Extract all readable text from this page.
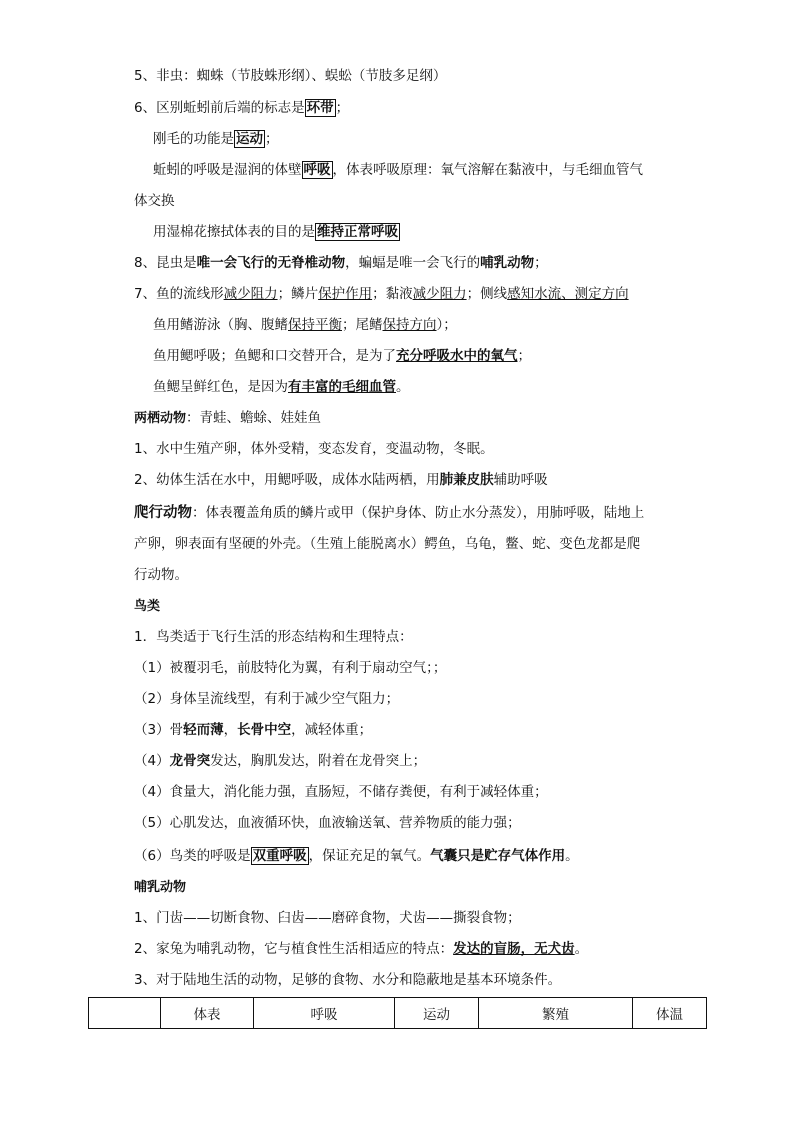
5、非虫：蜘蛛（节肢蛛形纲）、蜈蚣（节肢多足纲）
6、区别蚯蚓前后端的标志是 环带 ；
刚毛的功能是 运动 ；
蚯蚓的呼吸是湿润的体壁 呼吸 ，体表呼吸原理：氧气溶解在黏液中，与毛细血管气
体交换
用湿棉花擦拭体表的目的是 维持正常呼吸
8、昆虫是唯一会飞行的无脊椎动物，蝙蝠是唯一会飞行的哺乳动物；
7、鱼的流线形减少阻力；鳞片保护作用；黏液减少阻力；侧线感知水流、测定方向
鱼用鳍游泳（胸、腹鳍保持平衡；尾鳍保持方向）；
鱼用鳃呼吸；鱼鳃和口交替开合，是为了充分呼吸水中的氧气；
鱼鳃呈鲜红色，是因为有丰富的毛细血管。
两栖动物：青蛙、蟾蜍、娃娃鱼
1、水中生殖产卵，体外受精，变态发育，变温动物，冬眠。
2、幼体生活在水中，用鳃呼吸，成体水陆两栖，用肺兼皮肤辅助呼吸
爬行动物：体表覆盖角质的鳞片或甲（保护身体、防止水分蒸发），用肺呼吸，陆地上
产卵，卵表面有坚硬的外壳。（生殖上能脱离水）鳄鱼，乌龟，鳖、蛇、变色龙都是爬
行动物。
鸟类
1．鸟类适于飞行生活的形态结构和生理特点：
（1）被覆羽毛，前肢特化为翼，有利于扇动空气；；
（2）身体呈流线型，有利于减少空气阻力；
（3）骨轻而薄，长骨中空，减轻体重；
（4）龙骨突发达，胸肌发达，附着在龙骨突上；
（4）食量大，消化能力强，直肠短，不储存粪便，有利于减轻体重；
（5）心肌发达，血液循环快，血液输送氧、营养物质的能力强；
（6）鸟类的呼吸是 双重呼吸 ，保证充足的氧气。气囊只是贮存气体作用。
哺乳动物
1、门齿——切断食物、臼齿——磨碎食物，犬齿——撕裂食物；
2、家兔为哺乳动物，它与植食性生活相适应的特点：发达的盲肠，无犬齿。
3、对于陆地生活的动物，足够的食物、水分和隐蔽地是基本环境条件。
	体表	呼吸	运动	繁殖	体温
